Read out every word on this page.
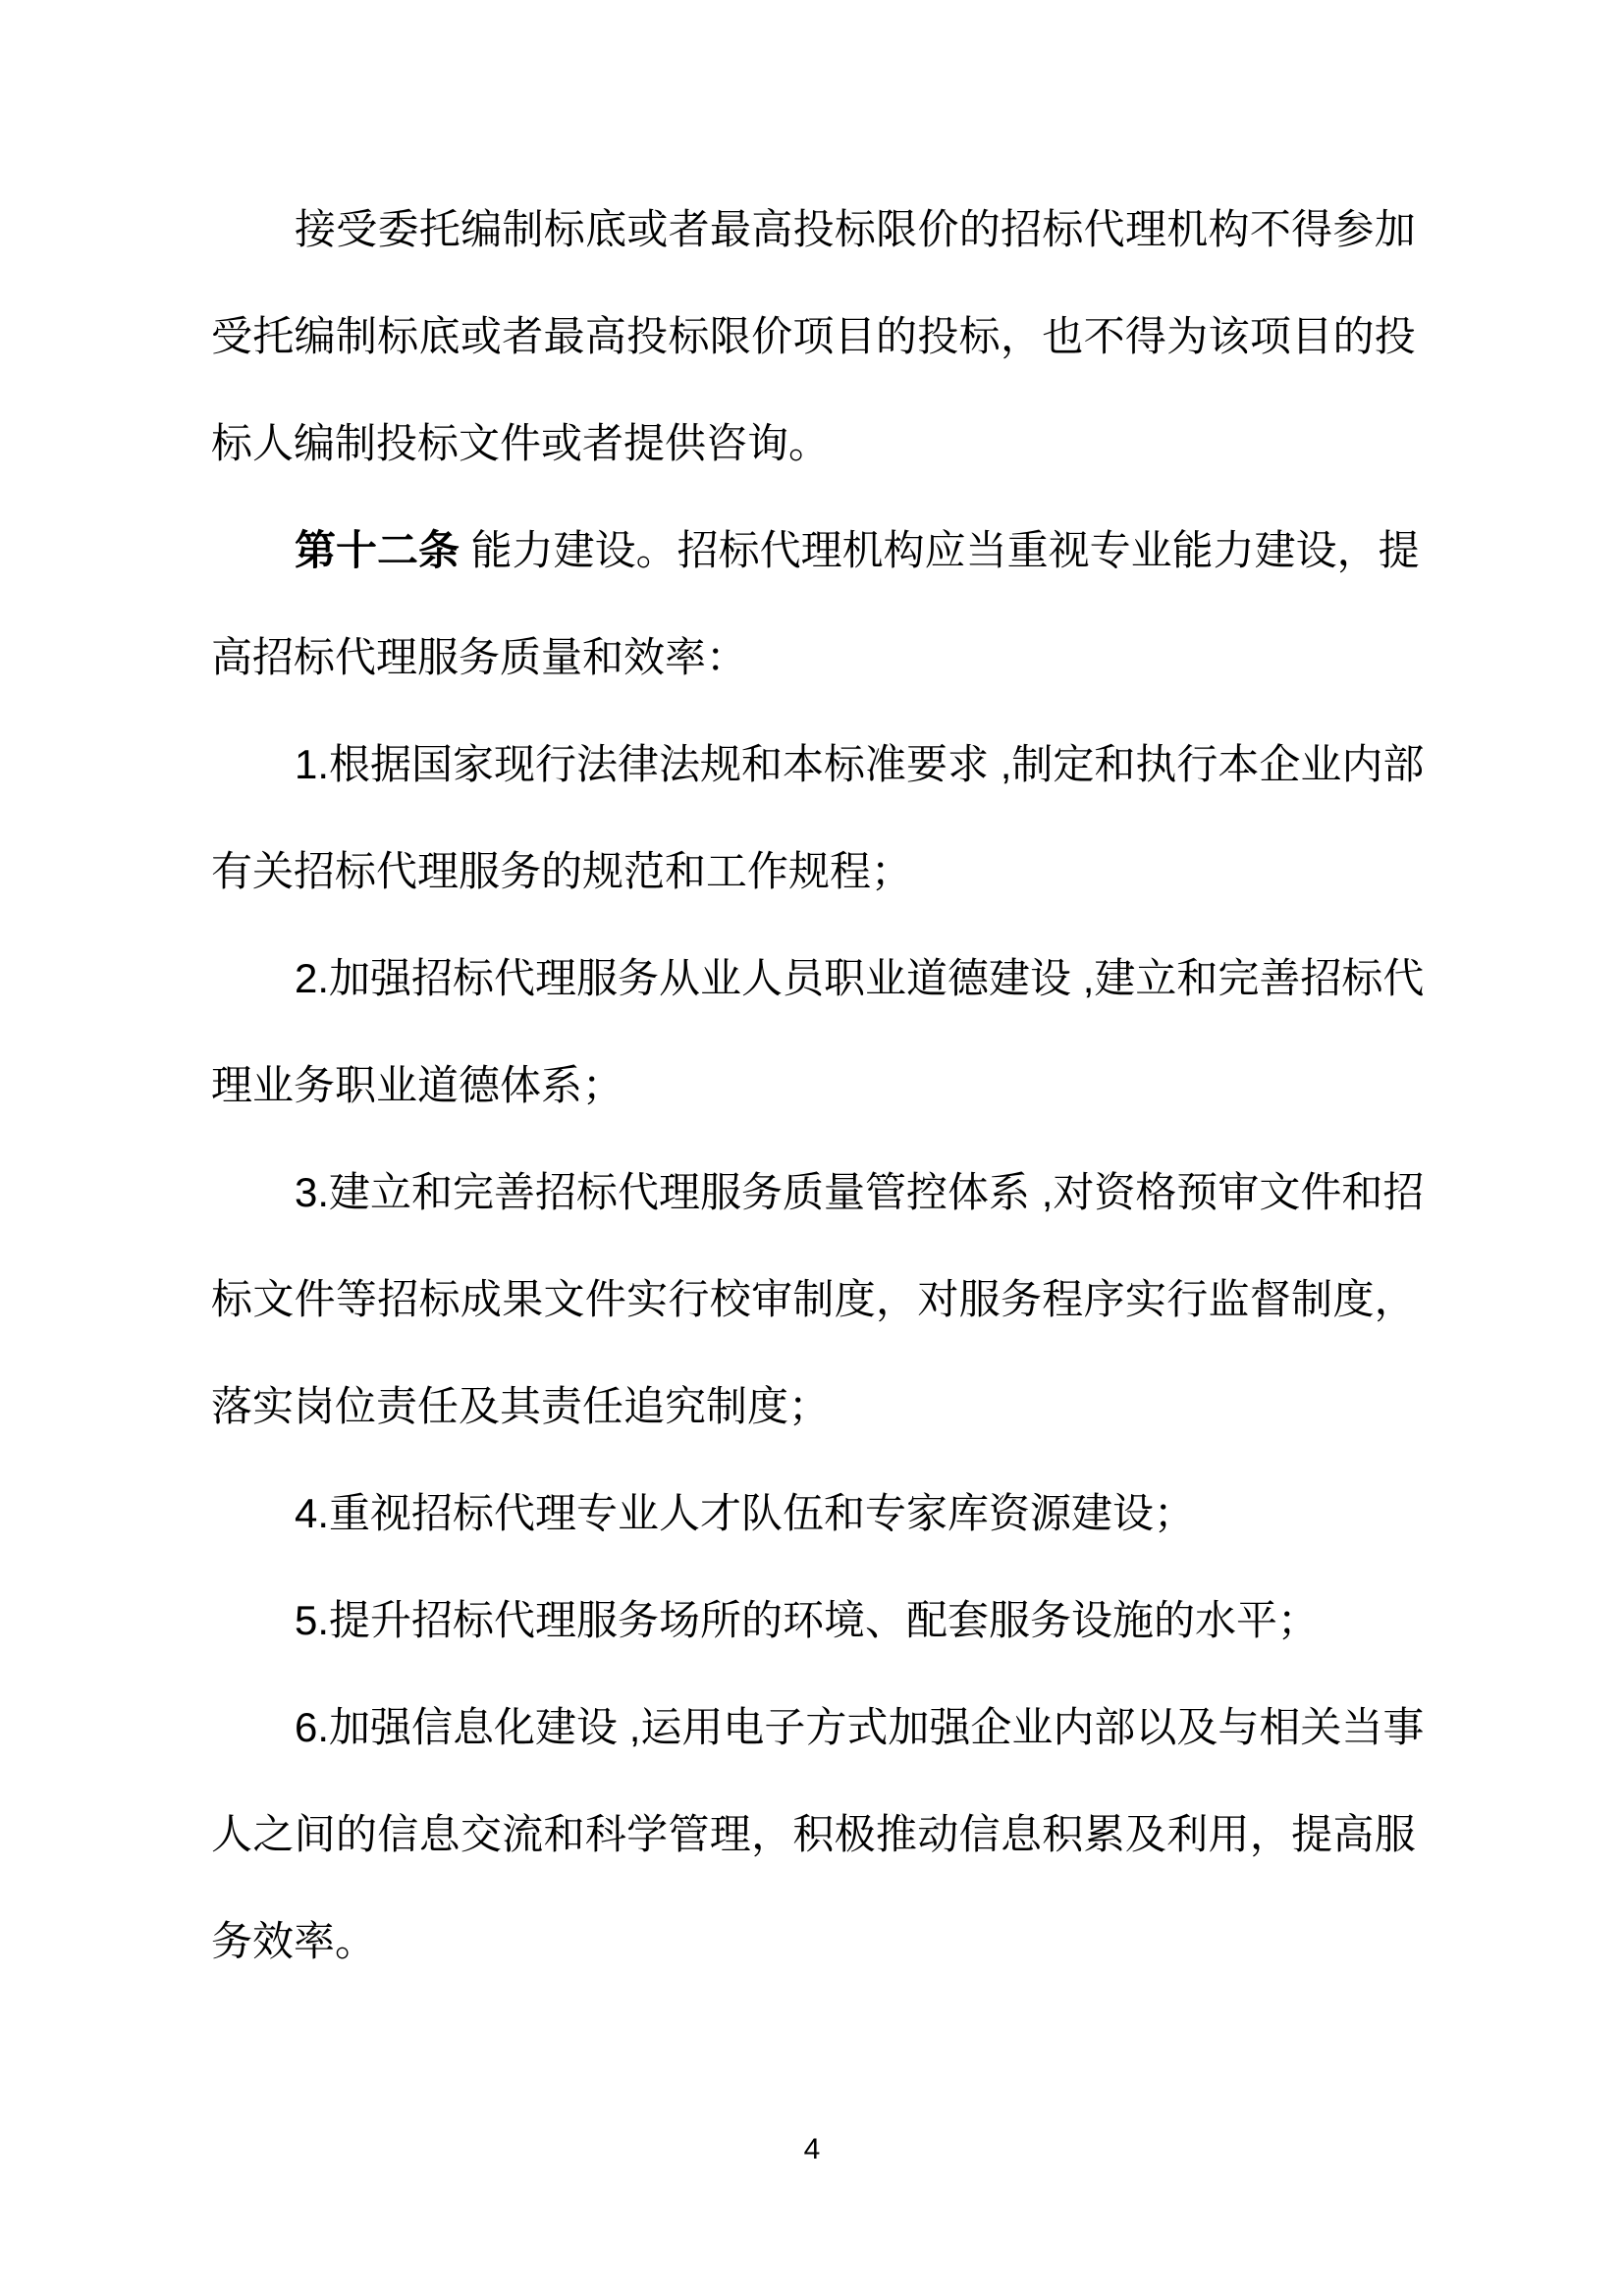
接 受 委 托 编 制 标 底 或 者 最 高 投 标 限 价 的 招 标 代 理 机 构 不 得 参 加
受 托 编 制 标 底 或 者 最 高 投 标 限 价 项 目 的 投 标 ， 也 不 得 为 该 项 目 的 投
标人编制投标文件或者提供咨询。
第 十 二 条
能 力 建 设 。 招 标 代 理 机 构 应 当 重 视 专 业 能 力 建 设 ， 提
高招标代理服务质量和效率：
1 . 根 据 国 家 现 行 法 律 法 规 和 本 标 准 要 求
, 制 定 和 执 行 本 企 业 内 部
有关招标代理服务的规范和工作规程；
2 . 加 强 招 标 代 理 服 务 从 业 人 员 职 业 道 德 建 设
, 建 立 和 完 善 招 标 代
理业务职业道德体系；
3 . 建 立 和 完 善 招 标 代 理 服 务 质 量 管 控 体 系
, 对 资 格 预 审 文 件 和 招
标 文 件 等 招 标 成 果 文 件 实 行 校 审 制 度 ， 对 服 务 程 序 实 行 监 督 制 度 ，
落实岗位责任及其责任追究制度；
4.重视招标代理专业人才队伍和专家库资源建设；
5.提升招标代理服务场所的环境、配套服务设施的水平；
6 . 加 强 信 息 化 建 设
, 运 用 电 子 方 式 加 强 企 业 内 部 以 及 与 相 关 当 事
人 之 间 的 信 息 交 流 和 科 学 管 理 ， 积 极 推 动 信 息 积 累 及 利 用 ， 提 高 服
务效率。
4
